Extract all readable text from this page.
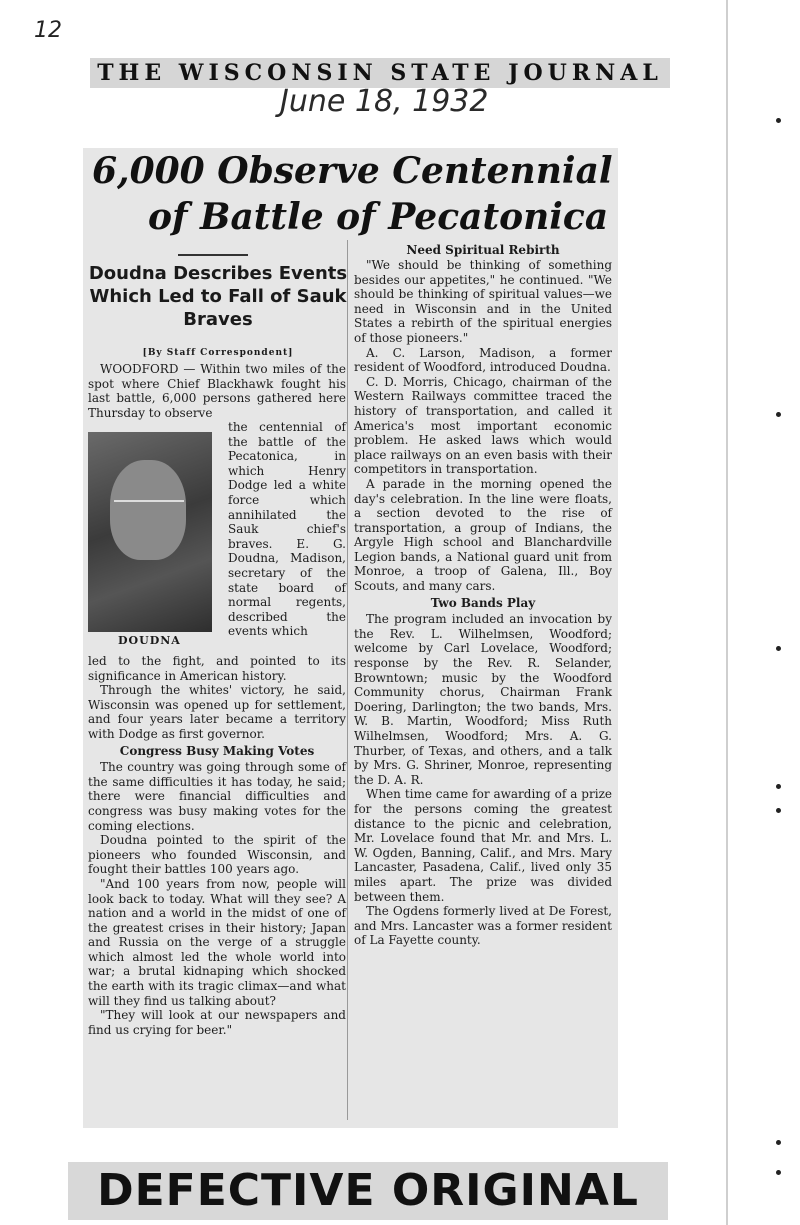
12
THE WISCONSIN STATE JOURNAL
June 18, 1932
6,000 Observe Centennial
of Battle of Pecatonica
Doudna Describes Events Which Led to Fall of Sauk Braves
[By Staff Correspondent]

WOODFORD — Within two miles of the spot where Chief Blackhawk fought his last battle, 6,000 persons gathered here Thursday to observe

the centennial of the battle of the Pecatonica, in which Henry Dodge led a white force which annihilated the Sauk chief's braves. E. G. Doudna, Madison, secretary of the state board of normal regents, described the events which
DOUDNA
led to the fight, and pointed to its significance in American history.

Through the whites' victory, he said, Wisconsin was opened up for settlement, and four years later became a territory with Dodge as first governor.

Congress Busy Making Votes

The country was going through some of the same difficulties it has today, he said; there were financial difficulties and congress was busy making votes for the coming elections.

Doudna pointed to the spirit of the pioneers who founded Wisconsin, and fought their battles 100 years ago.

"And 100 years from now, people will look back to today. What will they see? A nation and a world in the midst of one of the greatest crises in their history; Japan and Russia on the verge of a struggle which almost led the whole world into war; a brutal kidnaping which shocked the earth with its tragic climax—and what will they find us talking about?

"They will look at our newspapers and find us crying for beer."

Need Spiritual Rebirth

"We should be thinking of something besides our appetites," he continued. "We should be thinking of spiritual values—we need in Wisconsin and in the United States a rebirth of the spiritual energies of those pioneers."

A. C. Larson, Madison, a former resident of Woodford, introduced Doudna.

C. D. Morris, Chicago, chairman of the Western Railways committee traced the history of transportation, and called it America's most important economic problem. He asked laws which would place railways on an even basis with their competitors in transportation.

A parade in the morning opened the day's celebration. In the line were floats, a section devoted to the rise of transportation, a group of Indians, the Argyle High school and Blanchardville Legion bands, a National guard unit from Monroe, a troop of Galena, Ill., Boy Scouts, and many cars.

Two Bands Play

The program included an invocation by the Rev. L. Wilhelmsen, Woodford; welcome by Carl Lovelace, Woodford; response by the Rev. R. Selander, Browntown; music by the Woodford Community chorus, Chairman Frank Doering, Darlington; the two bands, Mrs. W. B. Martin, Woodford; Miss Ruth Wilhelmsen, Woodford; Mrs. A. G. Thurber, of Texas, and others, and a talk by Mrs. G. Shriner, Monroe, representing the D. A. R.

When time came for awarding of a prize for the persons coming the greatest distance to the picnic and celebration, Mr. Lovelace found that Mr. and Mrs. L. W. Ogden, Banning, Calif., and Mrs. Mary Lancaster, Pasadena, Calif., lived only 35 miles apart. The prize was divided between them.

The Ogdens formerly lived at De Forest, and Mrs. Lancaster was a former resident of La Fayette county.

DEFECTIVE ORIGINAL
